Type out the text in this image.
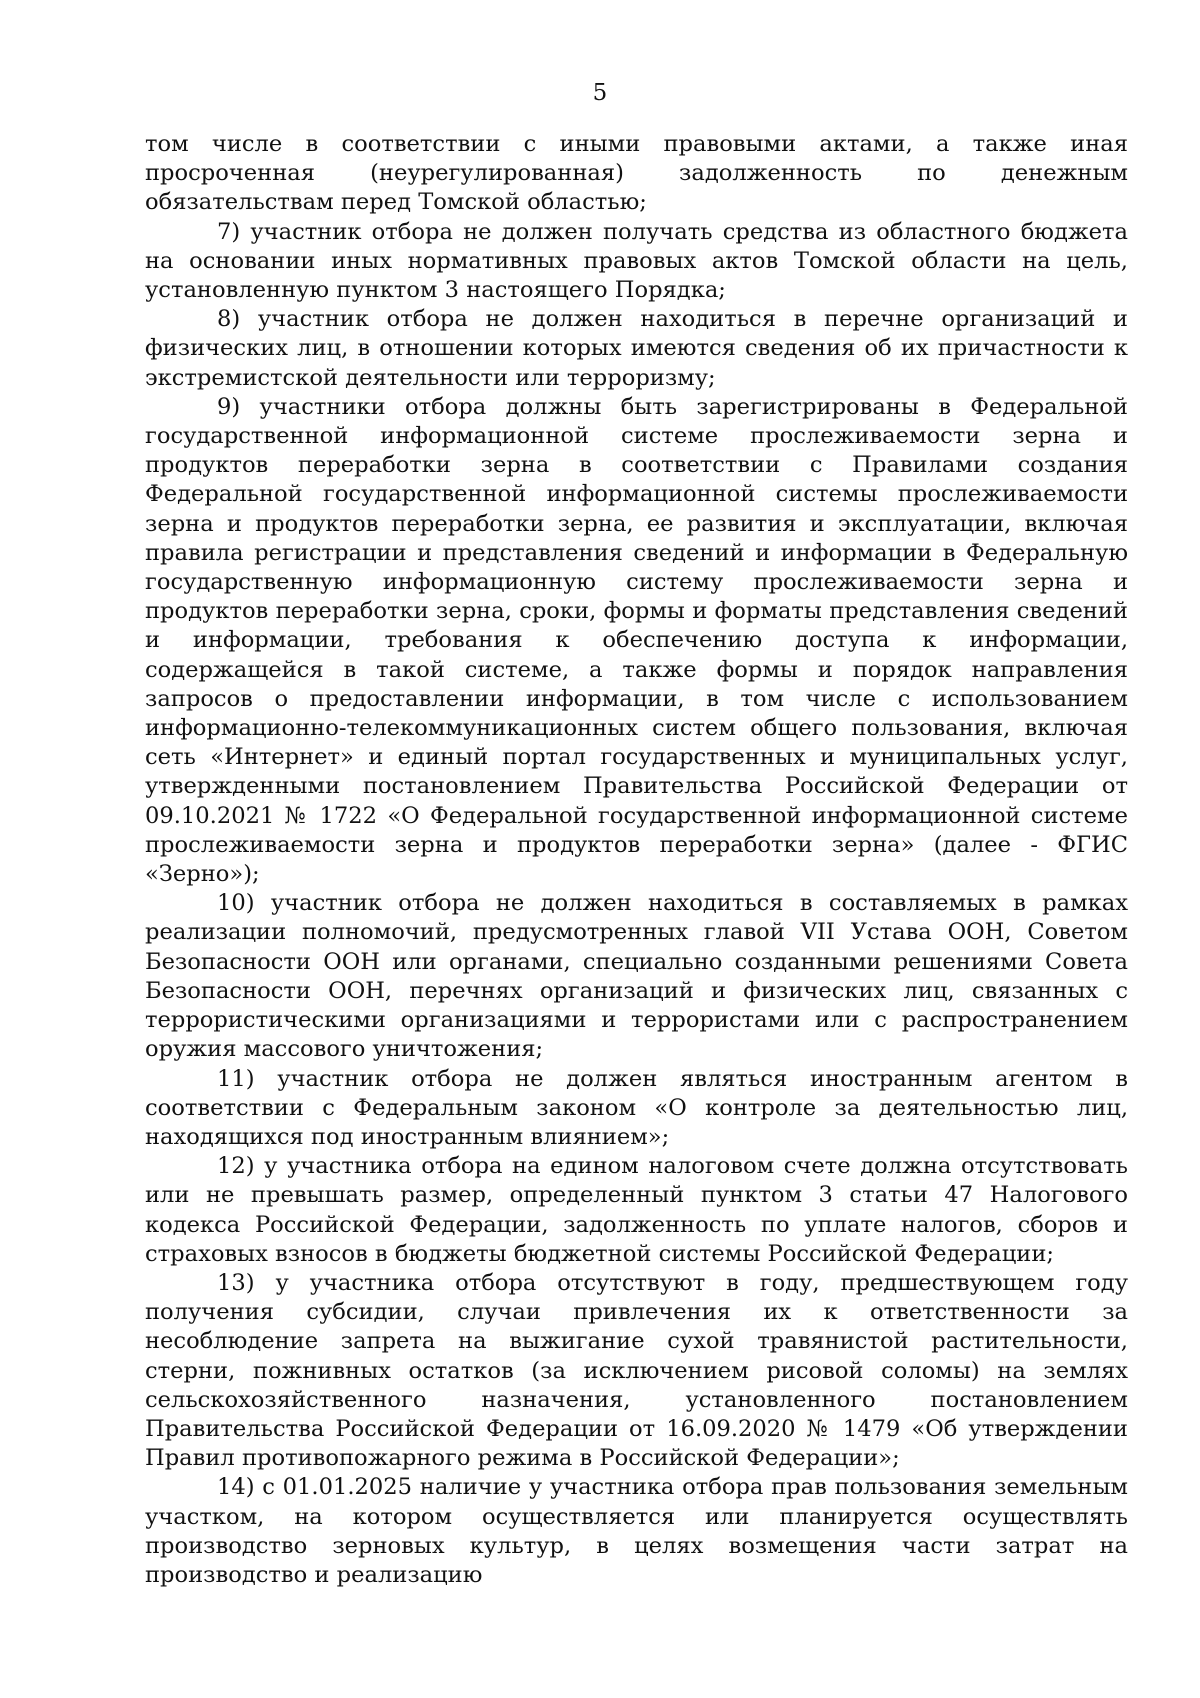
5

том числе в соответствии с иными правовыми актами, а также иная просроченная (неурегулированная) задолженность по денежным обязательствам перед Томской областью;

7) участник отбора не должен получать средства из областного бюджета на основании иных нормативных правовых актов Томской области на цель, установленную пунктом 3 настоящего Порядка;

8) участник отбора не должен находиться в перечне организаций и физических лиц, в отношении которых имеются сведения об их причастности к экстремистской деятельности или терроризму;

9) участники отбора должны быть зарегистрированы в Федеральной государственной информационной системе прослеживаемости зерна и продуктов переработки зерна в соответствии с Правилами создания Федеральной государственной информационной системы прослеживаемости зерна и продуктов переработки зерна, ее развития и эксплуатации, включая правила регистрации и представления сведений и информации в Федеральную государственную информационную систему прослеживаемости зерна и продуктов переработки зерна, сроки, формы и форматы представления сведений и информации, требования к обеспечению доступа к информации, содержащейся в такой системе, а также формы и порядок направления запросов о предоставлении информации, в том числе с использованием информационно-телекоммуникационных систем общего пользования, включая сеть «Интернет» и единый портал государственных и муниципальных услуг, утвержденными постановлением Правительства Российской Федерации от 09.10.2021 № 1722 «О Федеральной государственной информационной системе прослеживаемости зерна и продуктов переработки зерна» (далее - ФГИС «Зерно»);

10) участник отбора не должен находиться в составляемых в рамках реализации полномочий, предусмотренных главой VII Устава ООН, Советом Безопасности ООН или органами, специально созданными решениями Совета Безопасности ООН, перечнях организаций и физических лиц, связанных с террористическими организациями и террористами или с распространением оружия массового уничтожения;

11) участник отбора не должен являться иностранным агентом в соответствии с Федеральным законом «О контроле за деятельностью лиц, находящихся под иностранным влиянием»;

12) у участника отбора на едином налоговом счете должна отсутствовать или не превышать размер, определенный пунктом 3 статьи 47 Налогового кодекса Российской Федерации, задолженность по уплате налогов, сборов и страховых взносов в бюджеты бюджетной системы Российской Федерации;

13) у участника отбора отсутствуют в году, предшествующем году получения субсидии, случаи привлечения их к ответственности за несоблюдение запрета на выжигание сухой травянистой растительности, стерни, пожнивных остатков (за исключением рисовой соломы) на землях сельскохозяйственного назначения, установленного постановлением Правительства Российской Федерации от 16.09.2020 № 1479 «Об утверждении Правил противопожарного режима в Российской Федерации»;

14) с 01.01.2025 наличие у участника отбора прав пользования земельным участком, на котором осуществляется или планируется осуществлять производство зерновых культур, в целях возмещения части затрат на производство и реализацию
